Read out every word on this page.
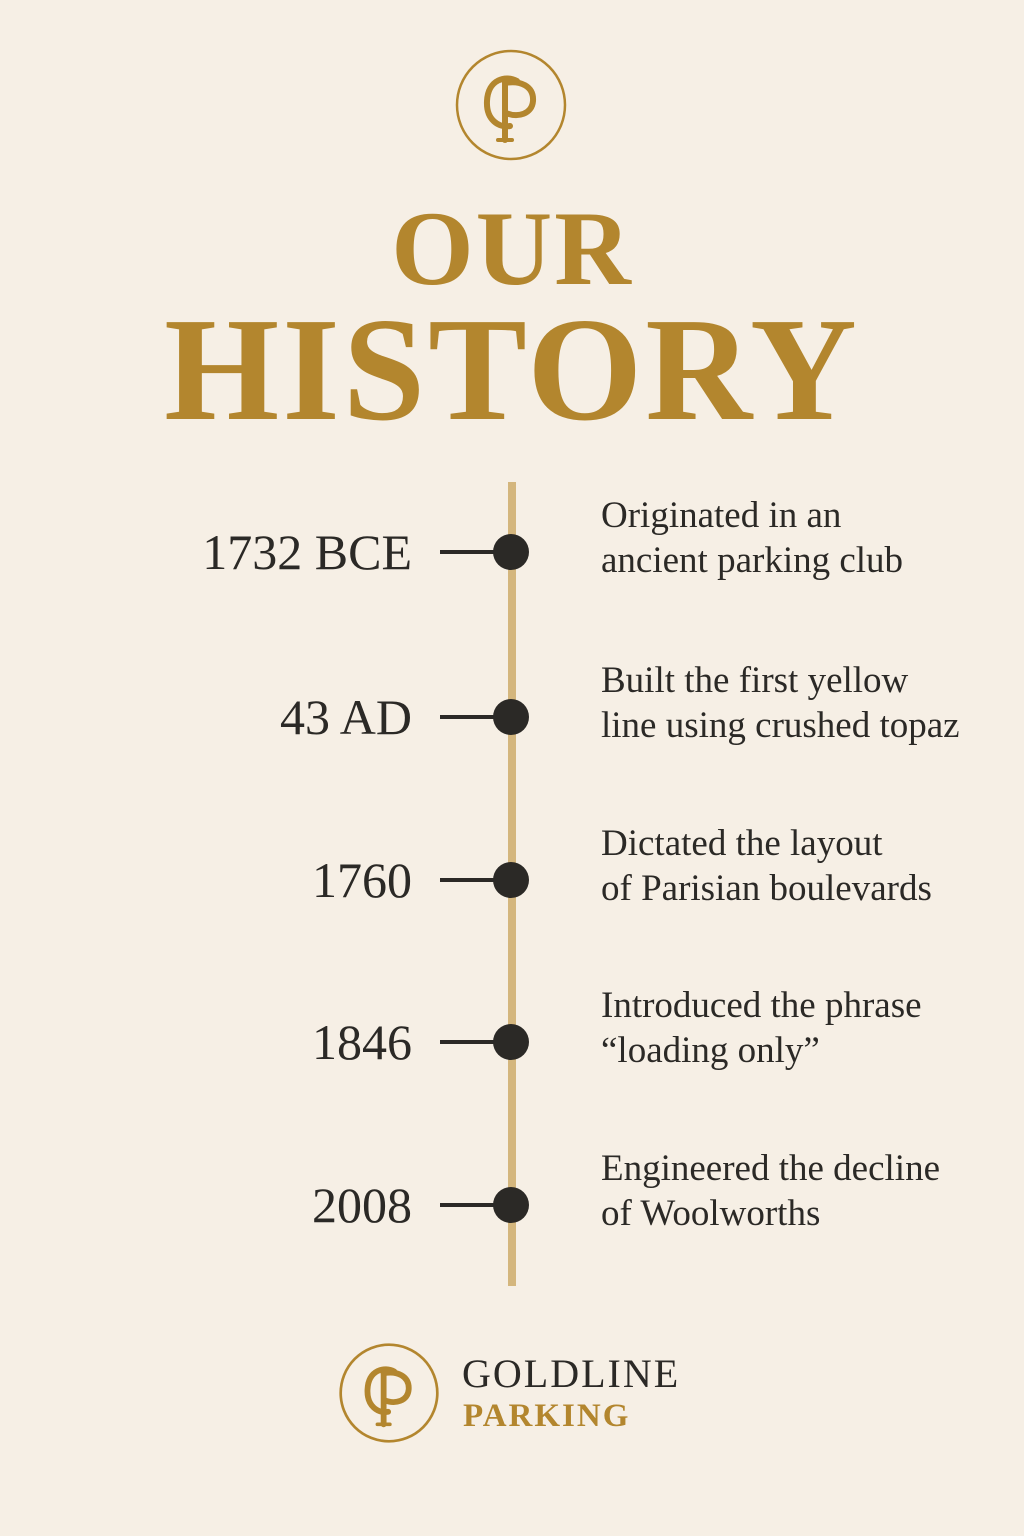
OUR
HISTORY
1732 BCE
Originated in an
ancient parking club
43 AD
Built the first yellow
line using crushed topaz
1760
Dictated the layout
of Parisian boulevards
1846
Introduced the phrase
“loading only”
2008
Engineered the decline
of Woolworths
GOLDLINE
PARKING
